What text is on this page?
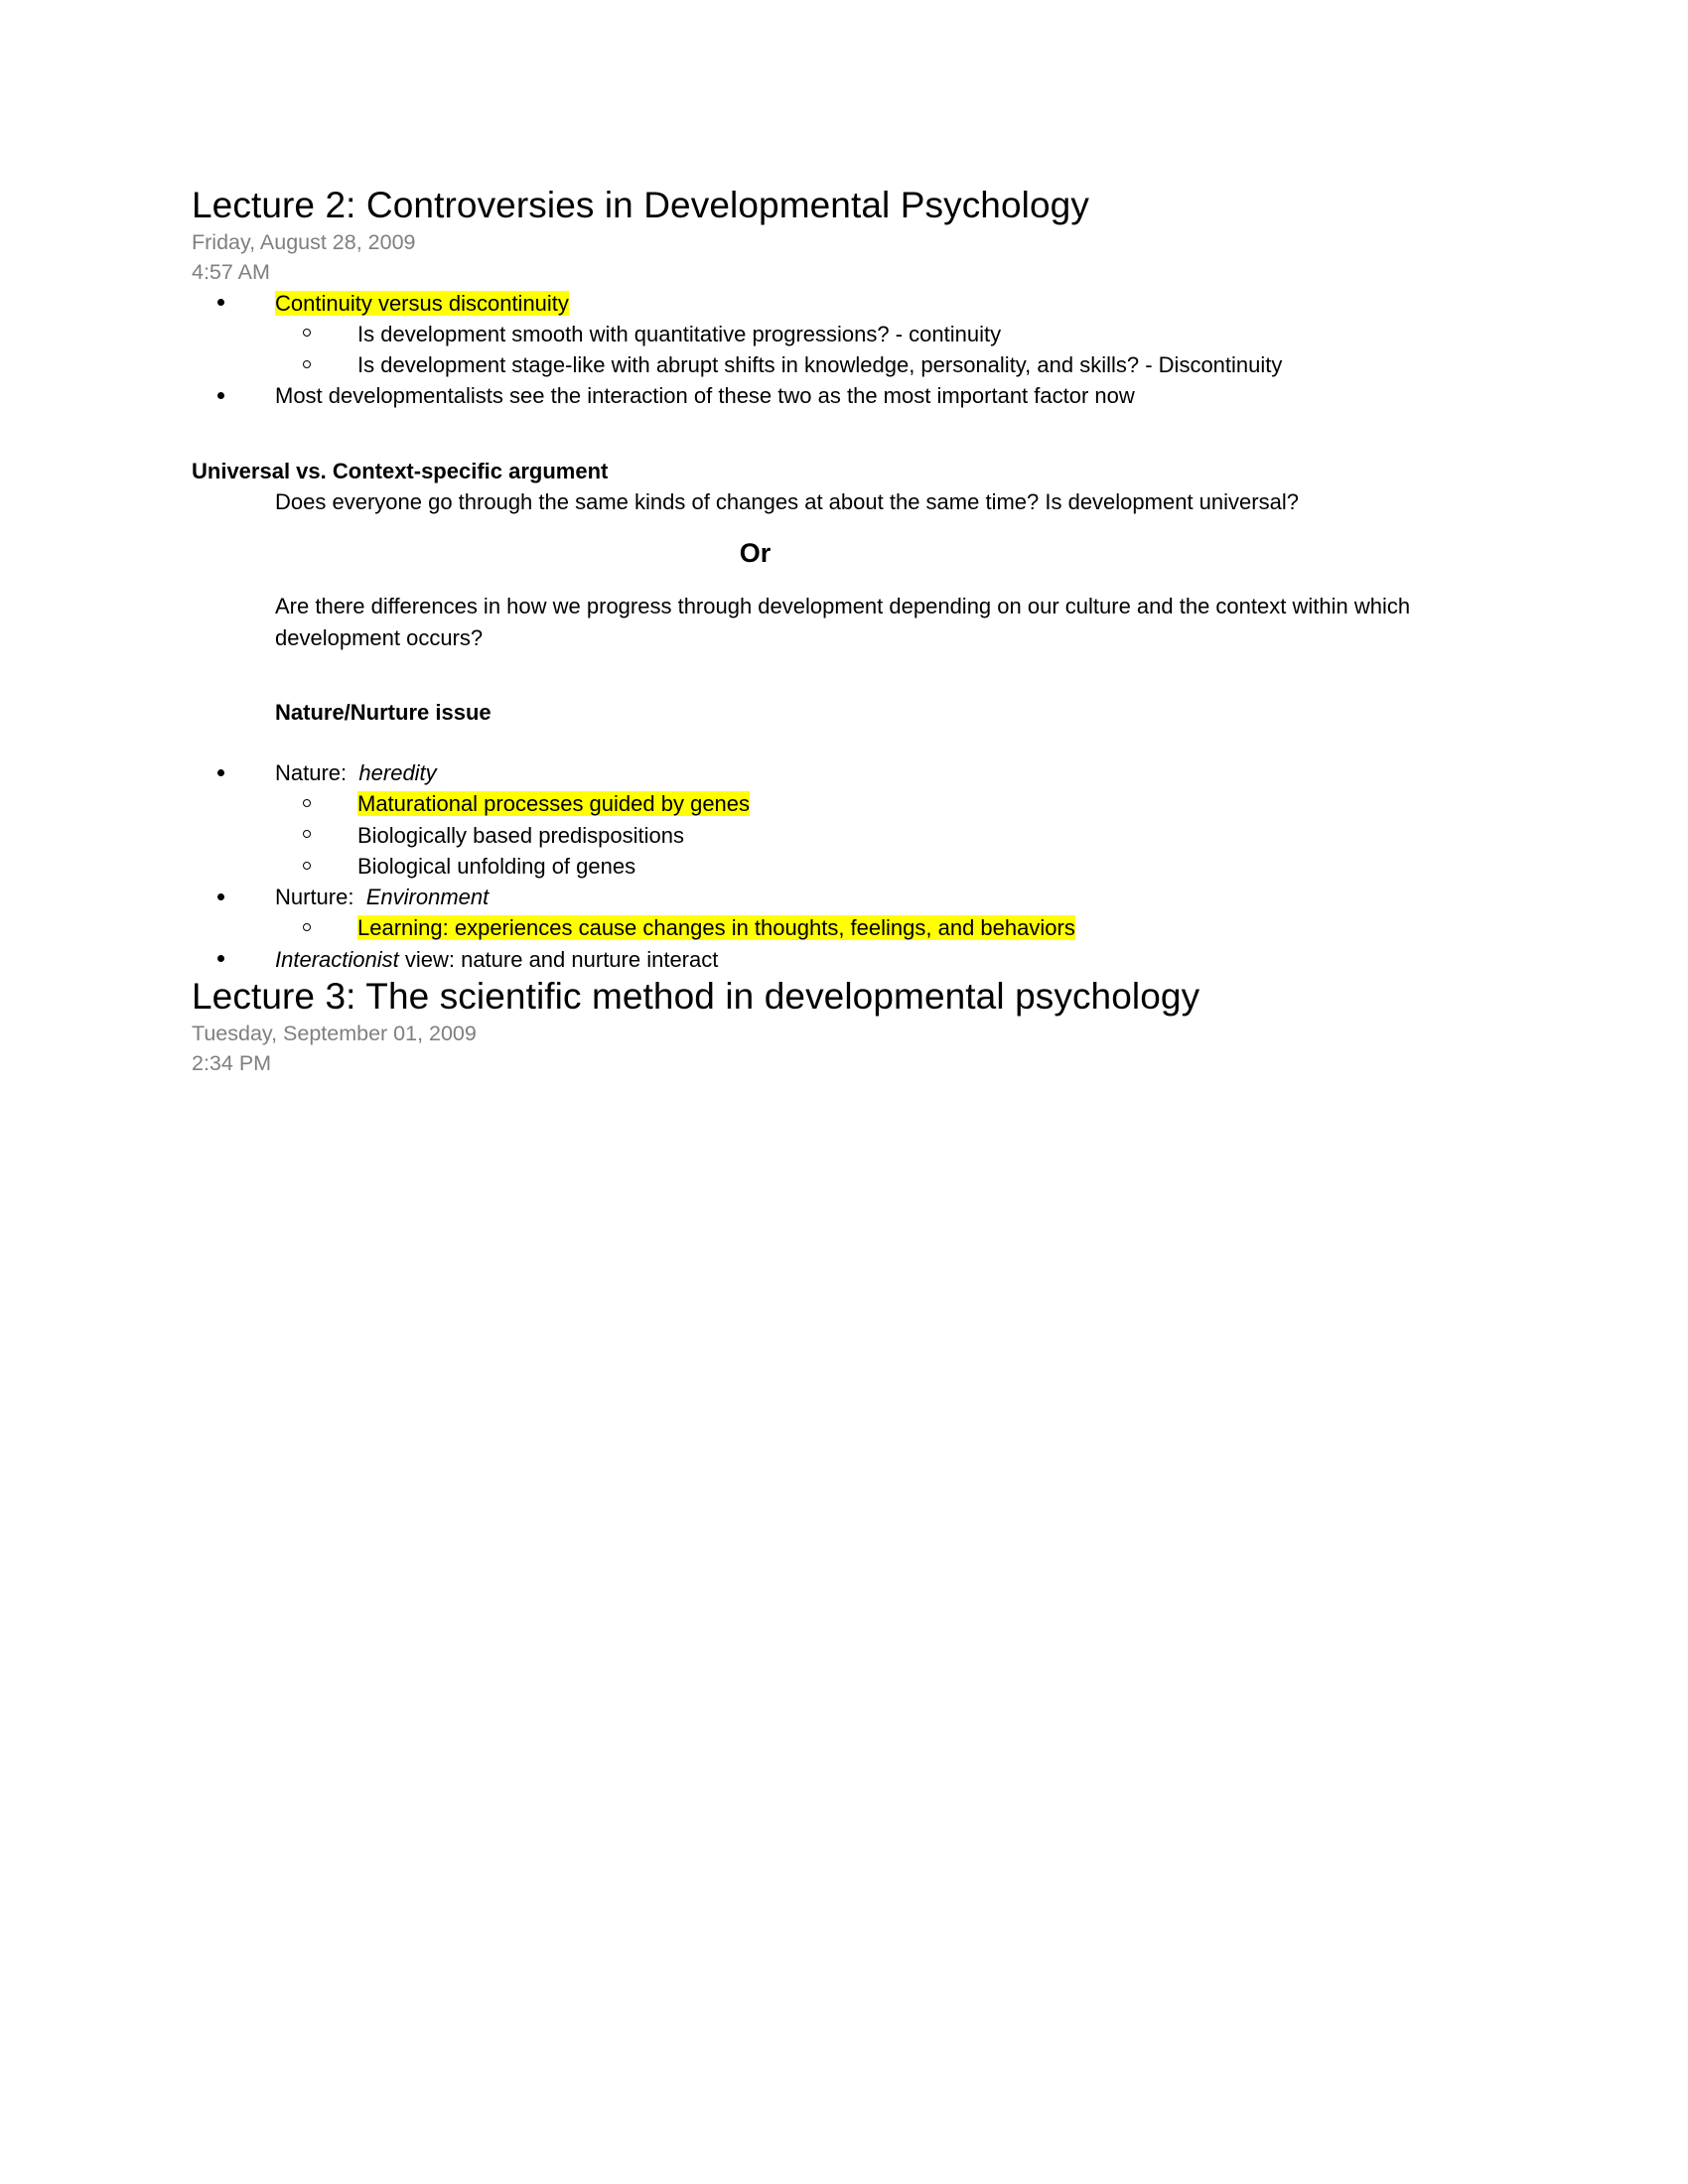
Lecture 2: Controversies in Developmental Psychology
Friday, August 28, 2009
4:57 AM
Continuity versus discontinuity
Is development smooth with quantitative progressions? - continuity
Is development stage-like with abrupt shifts in knowledge, personality, and skills? - Discontinuity
Most developmentalists see the interaction of these two as the most important factor now
Universal vs. Context-specific argument
Does everyone go through the same kinds of changes at about the same time? Is development universal?
Or
Are there differences in how we progress through development depending on our culture and the context within which development occurs?
Nature/Nurture issue
Nature: heredity
Maturational processes guided by genes
Biologically based predispositions
Biological unfolding of genes
Nurture: Environment
Learning: experiences cause changes in thoughts, feelings, and behaviors
Interactionist view: nature and nurture interact
Lecture 3: The scientific method in developmental psychology
Tuesday, September 01, 2009
2:34 PM
